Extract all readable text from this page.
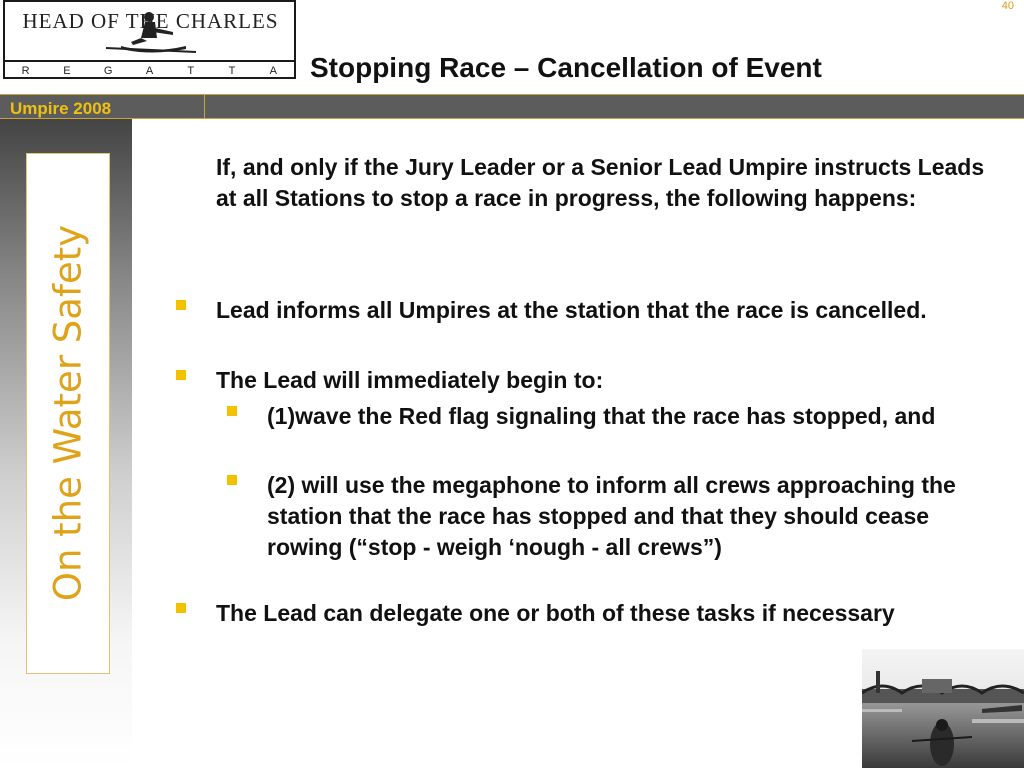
HEAD OF THE CHARLES
R	E	G	A	T	T	A
40
Stopping Race – Cancellation of Event
Umpire 2008
On the Water Safety
If, and only if the Jury Leader or a Senior Lead Umpire instructs Leads at all Stations to stop a race in progress, the following happens:
Lead informs all Umpires at the station that the race is cancelled.
The Lead will immediately begin to:
(1)wave the Red flag signaling that the race has stopped, and
(2) will use the megaphone to inform all crews approaching the station that the race has stopped and that they should cease rowing (“stop - weigh ‘nough - all crews”)
The Lead can delegate one or both of these tasks if necessary
